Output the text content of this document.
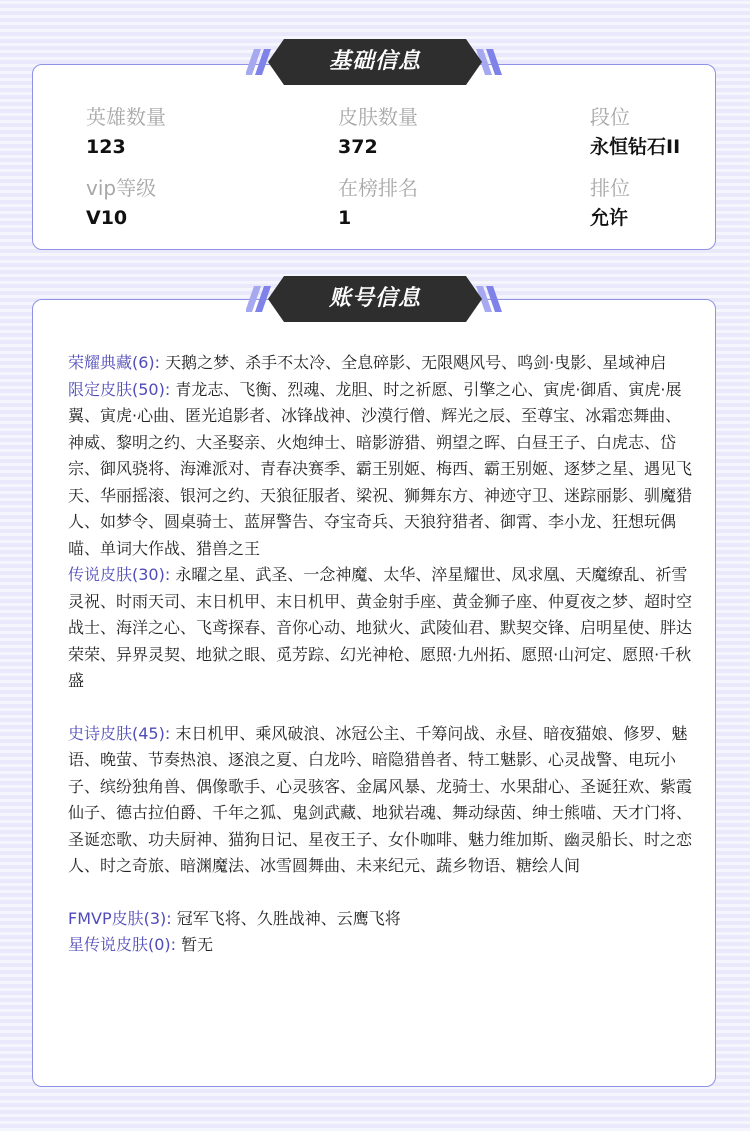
英雄数量
123
皮肤数量
372
段位
永恒钻石II
vip等级
V10
在榜排名
1
排位
允许
基础信息

荣耀典藏(6): 天鹅之梦、杀手不太冷、全息碎影、无限飓风号、鸣剑·曳影、星域神启

限定皮肤(50): 青龙志、飞衡、烈魂、龙胆、时之祈愿、引擎之心、寅虎·御盾、寅虎·展翼、寅虎·心曲、匿光追影者、冰锋战神、沙漠行僧、辉光之辰、至尊宝、冰霜恋舞曲、神威、黎明之约、大圣娶亲、火炮绅士、暗影游猎、朔望之晖、白昼王子、白虎志、岱宗、御风骁将、海滩派对、青春决赛季、霸王别姬、梅西、霸王别姬、逐梦之星、遇见飞天、华丽摇滚、银河之约、天狼征服者、梁祝、狮舞东方、神迹守卫、迷踪丽影、驯魔猎人、如梦令、圆桌骑士、蓝屏警告、夺宝奇兵、天狼狩猎者、御霄、李小龙、狂想玩偶喵、单词大作战、猎兽之王

传说皮肤(30): 永曜之星、武圣、一念神魔、太华、淬星耀世、凤求凰、天魔缭乱、祈雪灵祝、时雨天司、末日机甲、末日机甲、黄金射手座、黄金狮子座、仲夏夜之梦、超时空战士、海洋之心、飞鸢探春、音你心动、地狱火、武陵仙君、默契交锋、启明星使、胖达荣荣、异界灵契、地狱之眼、觅芳踪、幻光神枪、愿照·九州拓、愿照·山河定、愿照·千秋盛

史诗皮肤(45): 末日机甲、乘风破浪、冰冠公主、千筹问战、永昼、暗夜猫娘、修罗、魅语、晚萤、节奏热浪、逐浪之夏、白龙吟、暗隐猎兽者、特工魅影、心灵战警、电玩小子、缤纷独角兽、偶像歌手、心灵骇客、金属风暴、龙骑士、水果甜心、圣诞狂欢、紫霞仙子、德古拉伯爵、千年之狐、鬼剑武藏、地狱岩魂、舞动绿茵、绅士熊喵、天才门将、圣诞恋歌、功夫厨神、猫狗日记、星夜王子、女仆咖啡、魅力维加斯、幽灵船长、时之恋人、时之奇旅、暗渊魔法、冰雪圆舞曲、未来纪元、蔬乡物语、糖绘人间

FMVP皮肤(3): 冠军飞将、久胜战神、云鹰飞将

星传说皮肤(0): 暂无

账号信息
